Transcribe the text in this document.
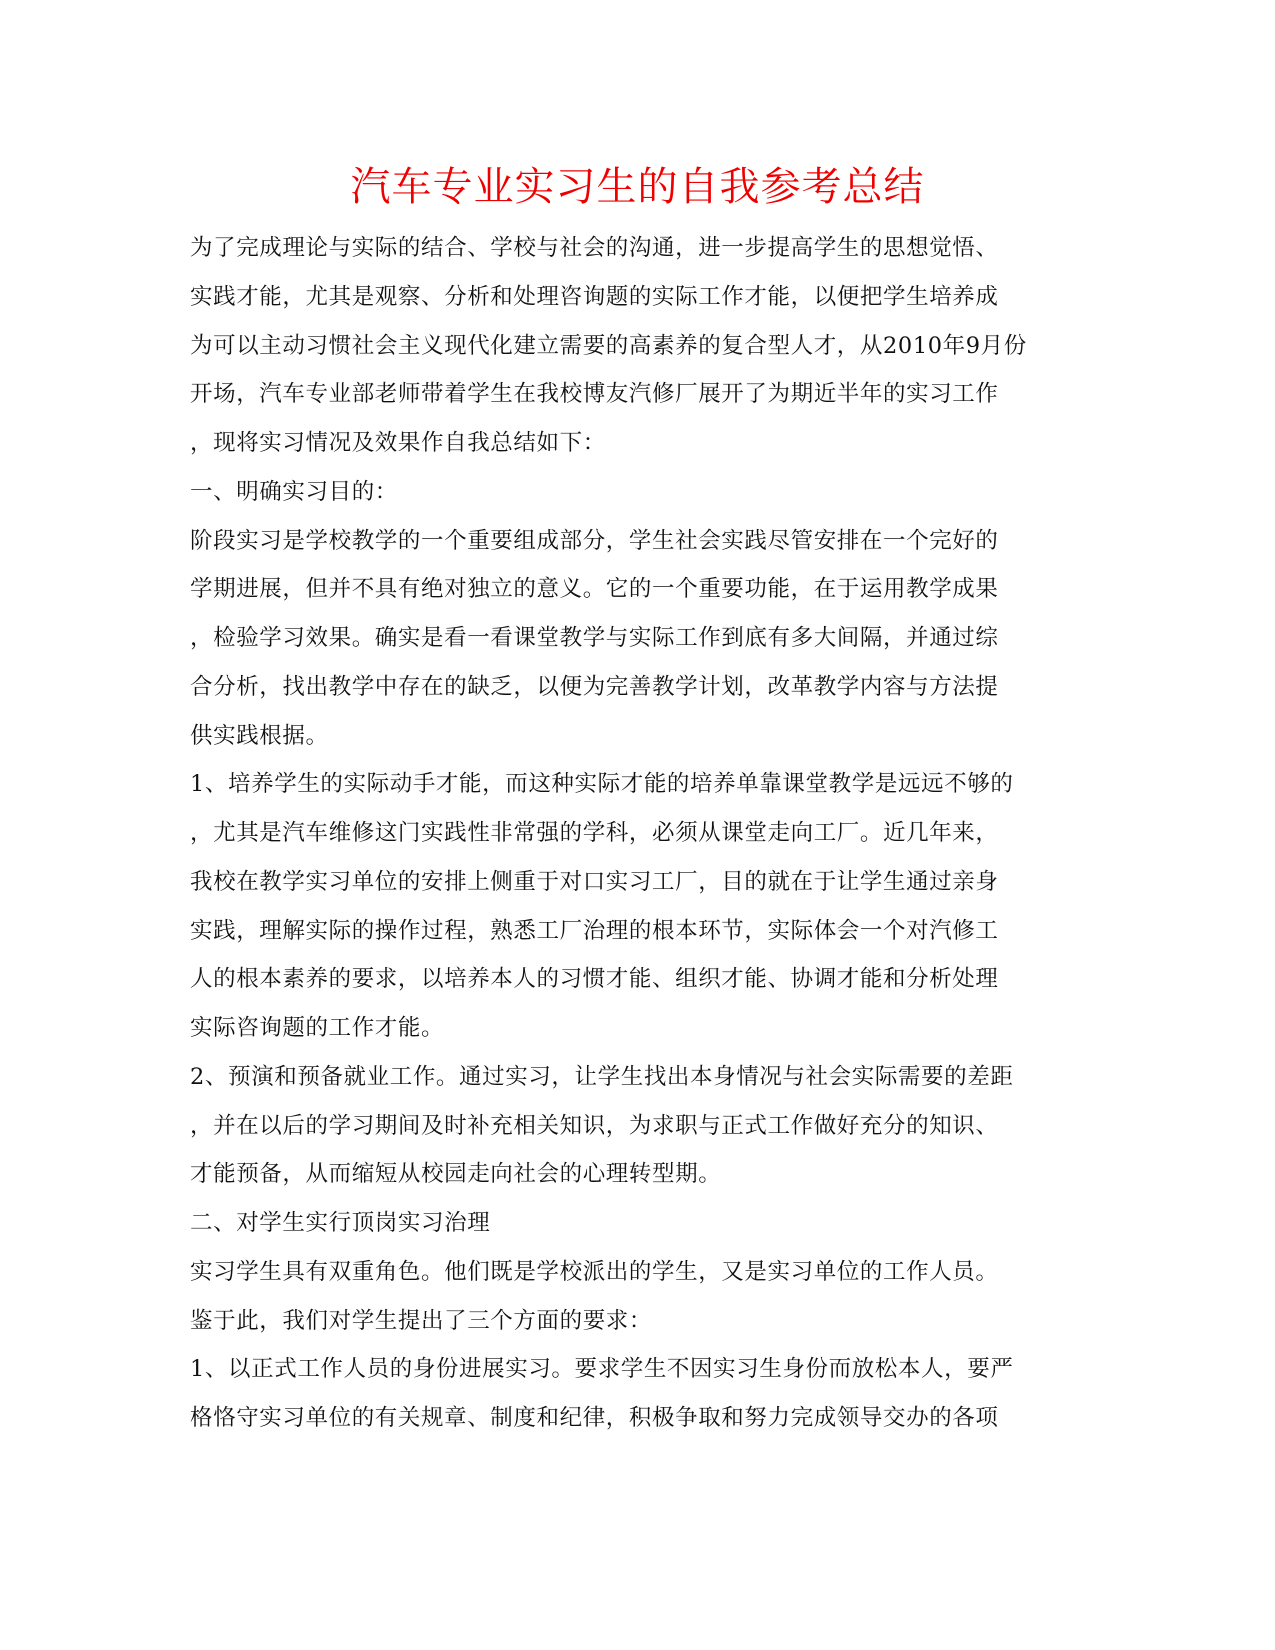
汽车专业实习生的自我参考总结
为了完成理论与实际的结合、学校与社会的沟通，进一步提高学生的思想觉悟、
实践才能，尤其是观察、分析和处理咨询题的实际工作才能，以便把学生培养成
为可以主动习惯社会主义现代化建立需要的高素养的复合型人才，从2010年9月份
开场，汽车专业部老师带着学生在我校博友汽修厂展开了为期近半年的实习工作
，现将实习情况及效果作自我总结如下：
一、明确实习目的：
阶段实习是学校教学的一个重要组成部分，学生社会实践尽管安排在一个完好的
学期进展，但并不具有绝对独立的意义。它的一个重要功能，在于运用教学成果
，检验学习效果。确实是看一看课堂教学与实际工作到底有多大间隔，并通过综
合分析，找出教学中存在的缺乏，以便为完善教学计划，改革教学内容与方法提
供实践根据。
1、培养学生的实际动手才能，而这种实际才能的培养单靠课堂教学是远远不够的
，尤其是汽车维修这门实践性非常强的学科，必须从课堂走向工厂。近几年来，
我校在教学实习单位的安排上侧重于对口实习工厂，目的就在于让学生通过亲身
实践，理解实际的操作过程，熟悉工厂治理的根本环节，实际体会一个对汽修工
人的根本素养的要求，以培养本人的习惯才能、组织才能、协调才能和分析处理
实际咨询题的工作才能。
2、预演和预备就业工作。通过实习，让学生找出本身情况与社会实际需要的差距
，并在以后的学习期间及时补充相关知识，为求职与正式工作做好充分的知识、
才能预备，从而缩短从校园走向社会的心理转型期。
二、对学生实行顶岗实习治理
实习学生具有双重角色。他们既是学校派出的学生，又是实习单位的工作人员。
鉴于此，我们对学生提出了三个方面的要求：
1、以正式工作人员的身份进展实习。要求学生不因实习生身份而放松本人，要严
格恪守实习单位的有关规章、制度和纪律，积极争取和努力完成领导交办的各项
